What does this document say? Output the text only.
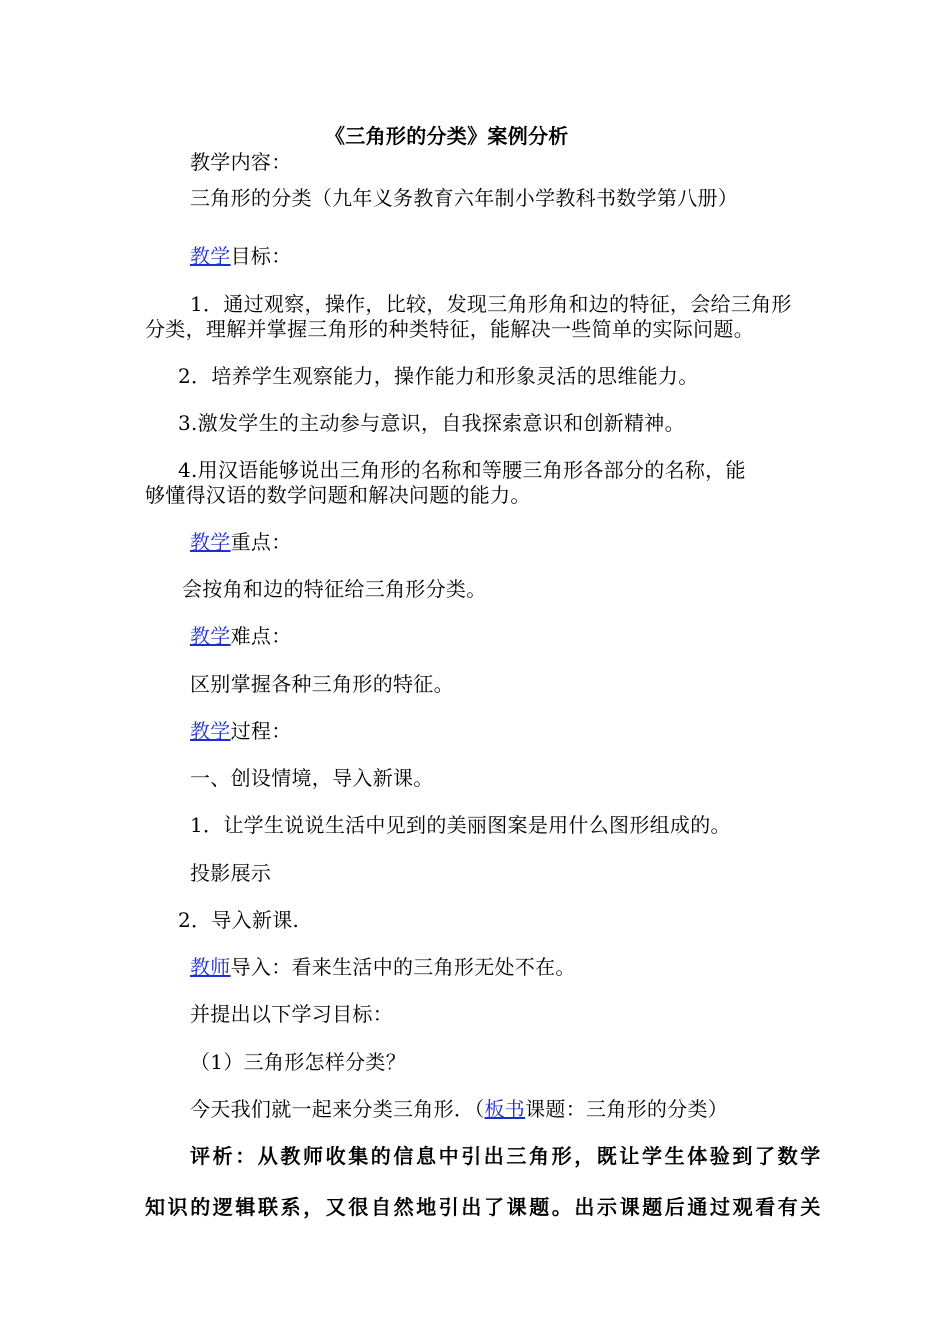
《三角形的分类》案例分析

教学内容：

三角形的分类（九年义务教育六年制小学教科书数学第八册）

教学目标：

1．通过观察，操作，比较，发现三角形角和边的特征，会给三角形

分类，理解并掌握三角形的种类特征，能解决一些简单的实际问题。

2．培养学生观察能力，操作能力和形象灵活的思维能力。

3.激发学生的主动参与意识，自我探索意识和创新精神。

4.用汉语能够说出三角形的名称和等腰三角形各部分的名称，能

够懂得汉语的数学问题和解决问题的能力。

教学重点：

会按角和边的特征给三角形分类。

教学难点：

区别掌握各种三角形的特征。

教学过程：

一、创设情境，导入新课。

1．让学生说说生活中见到的美丽图案是用什么图形组成的。

投影展示

2．导入新课.

教师导入：看来生活中的三角形无处不在。

并提出以下学习目标：

（1）三角形怎样分类？

今天我们就一起来分类三角形．（板书课题：三角形的分类）

评析：从教师收集的信息中引出三角形，既让学生体验到了数学

知识的逻辑联系，又很自然地引出了课题。出示课题后通过观看有关
